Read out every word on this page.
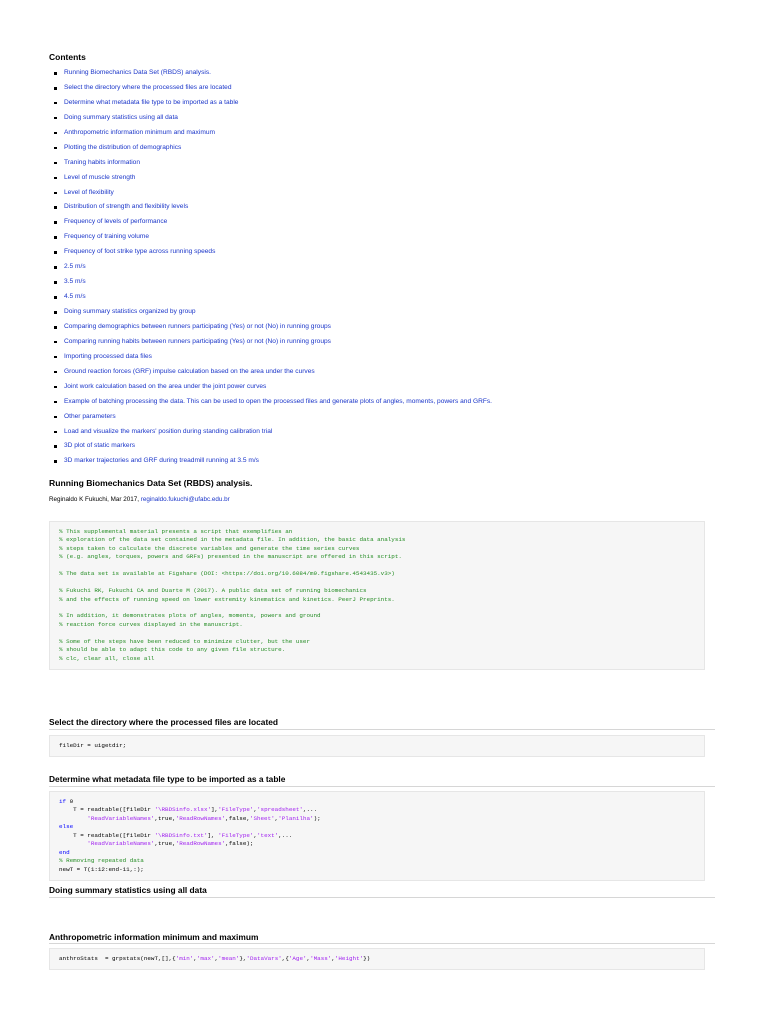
Contents
Running Biomechanics Data Set (RBDS) analysis.
Select the directory where the processed files are located
Determine what metadata file type to be imported as a table
Doing summary statistics using all data
Anthropometric information minimum and maximum
Plotting the distribution of demographics
Traning habits information
Level of muscle strength
Level of flexibility
Distribution of strength and flexibility levels
Frequency of levels of performance
Frequency of training volume
Frequency of foot strike type across running speeds
2.5 m/s
3.5 m/s
4.5 m/s
Doing summary statistics organized by group
Comparing demographics between runners participating (Yes) or not (No) in running groups
Comparing running habits between runners participating (Yes) or not (No) in running groups
Importing processed data files
Ground reaction forces (GRF) impulse calculation based on the area under the curves
Joint work calculation based on the area under the joint power curves
Example of batching processing the data. This can be used to open the processed files and generate plots of angles, moments, powers and GRFs.
Other parameters
Load and visualize the markers' position during standing calibration trial
3D plot of static markers
3D marker trajectories and GRF during treadmill running at 3.5 m/s
Running Biomechanics Data Set (RBDS) analysis.
Reginaldo K Fukuchi, Mar 2017, reginaldo.fukuchi@ufabc.edu.br
% This supplemental material presents a script that exemplifies an
% exploration of the data set contained in the metadata file. In addition, the basic data analysis
% steps taken to calculate the discrete variables and generate the time series curves
% (e.g. angles, torques, powers and GRFs) presented in the manuscript are offered in this script.
% The data set is available at Figshare (DOI: <https://doi.org/10.6084/m9.figshare.4543435.v3>)
% Fukuchi RK, Fukuchi CA and Duarte M (2017). A public data set of running biomechanics
% and the effects of running speed on lower extremity kinematics and kinetics. PeerJ Preprints.
% In addition, it demonstrates plots of angles, moments, powers and ground
% reaction force curves displayed in the manuscript.
% Some of the steps have been reduced to minimize clutter, but the user
% should be able to adapt this code to any given file structure.
% clc, clear all, close all
Select the directory where the processed files are located
fileDir = uigetdir;
Determine what metadata file type to be imported as a table
if 0
T = readtable([fileDir '\RBDSinfo.xlsx'],'FileType','spreadsheet',...
'ReadVariableNames',true,'ReadRowNames',false,'Sheet','Planilha');
else
T = readtable([fileDir '\RBDSinfo.txt'], 'FileType','text',...
'ReadVariableNames',true,'ReadRowNames',false);
end
% Removing repeated data
newT = T(1:12:end-11,:);
Doing summary statistics using all data
Anthropometric information minimum and maximum
anthroStats  = grpstats(newT,[],{'min','max','mean'},'DataVars',{'Age','Mass','Height'})
